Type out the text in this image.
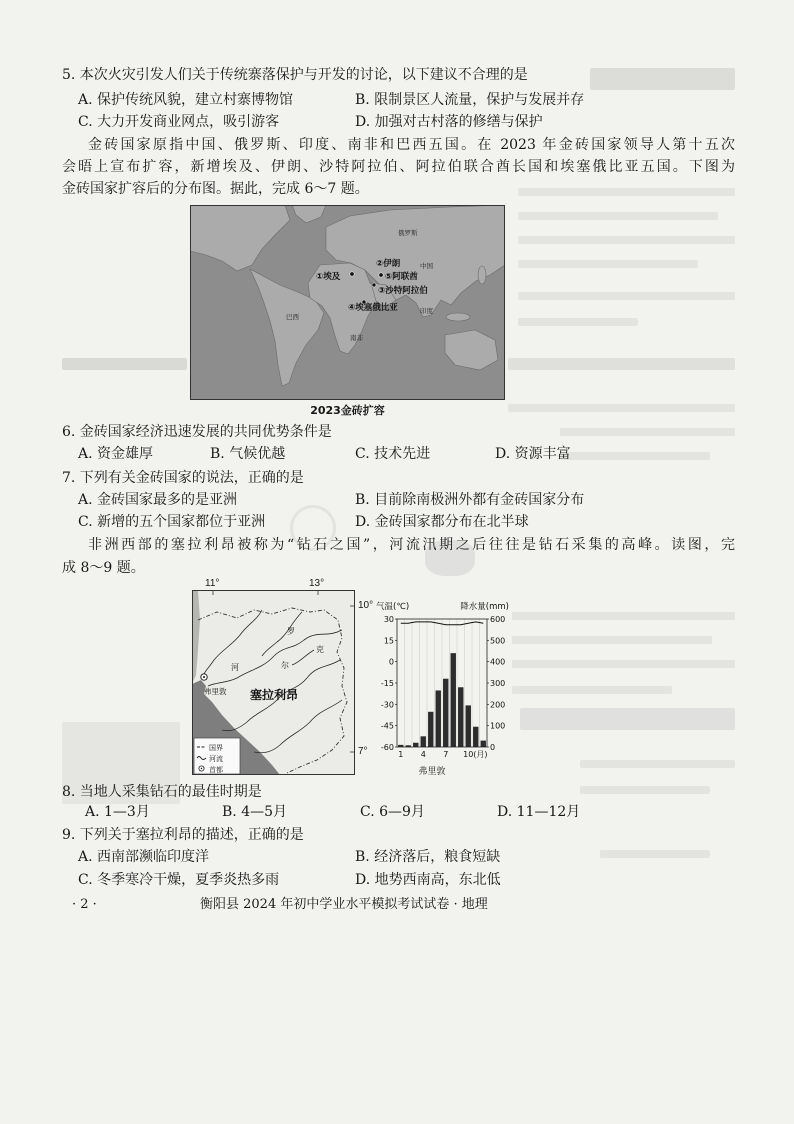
5. 本次火灾引发人们关于传统寨落保护与开发的讨论，以下建议不合理的是
A. 保护传统风貌，建立村寨博物馆	B. 限制景区人流量，保护与发展并存
C. 大力开发商业网点，吸引游客	D. 加强对古村落的修缮与保护
金砖国家原指中国、俄罗斯、印度、南非和巴西五国。在 2023 年金砖国家领导人第十五次
会晤上宣布扩容，新增埃及、伊朗、沙特阿拉伯、阿拉伯联合酋长国和埃塞俄比亚五国。下图为
金砖国家扩容后的分布图。据此，完成 6～7 题。
俄罗斯
中国
②伊朗
①埃及	⑤阿联酋
③沙特阿拉伯
④埃塞俄比亚
巴西
印度
南非
2023金砖扩容
6. 金砖国家经济迅速发展的共同优势条件是
A. 资金雄厚	B. 气候优越	C. 技术先进	D. 资源丰富
7. 下列有关金砖国家的说法，正确的是
A. 金砖国家最多的是亚洲	B. 目前除南极洲外都有金砖国家分布
C. 新增的五个国家都位于亚洲	D. 金砖国家都分布在北半球
非洲西部的塞拉利昂被称为“钻石之国”，河流汛期之后往往是钻石采集的高峰。读图，完
成 8～9 题。
11°	13°
10°
7°
罗
克
尔
河
弗里敦 塞拉利昂
国界
河流
首都
气温(℃)	降水量(mm)
弗里敦
30
15
0
-15
-30
-45
-60
600
500
400
300
200
100
0
1 4 7 10 (月)
8. 当地人采集钻石的最佳时期是
A. 1—3月	B. 4—5月	C. 6—9月	D. 11—12月
9. 下列关于塞拉利昂的描述，正确的是
A. 西南部濒临印度洋	B. 经济落后，粮食短缺
C. 冬季寒冷干燥，夏季炎热多雨	D. 地势西南高，东北低
· 2 ·	衡阳县 2024 年初中学业水平模拟考试试卷 · 地理
